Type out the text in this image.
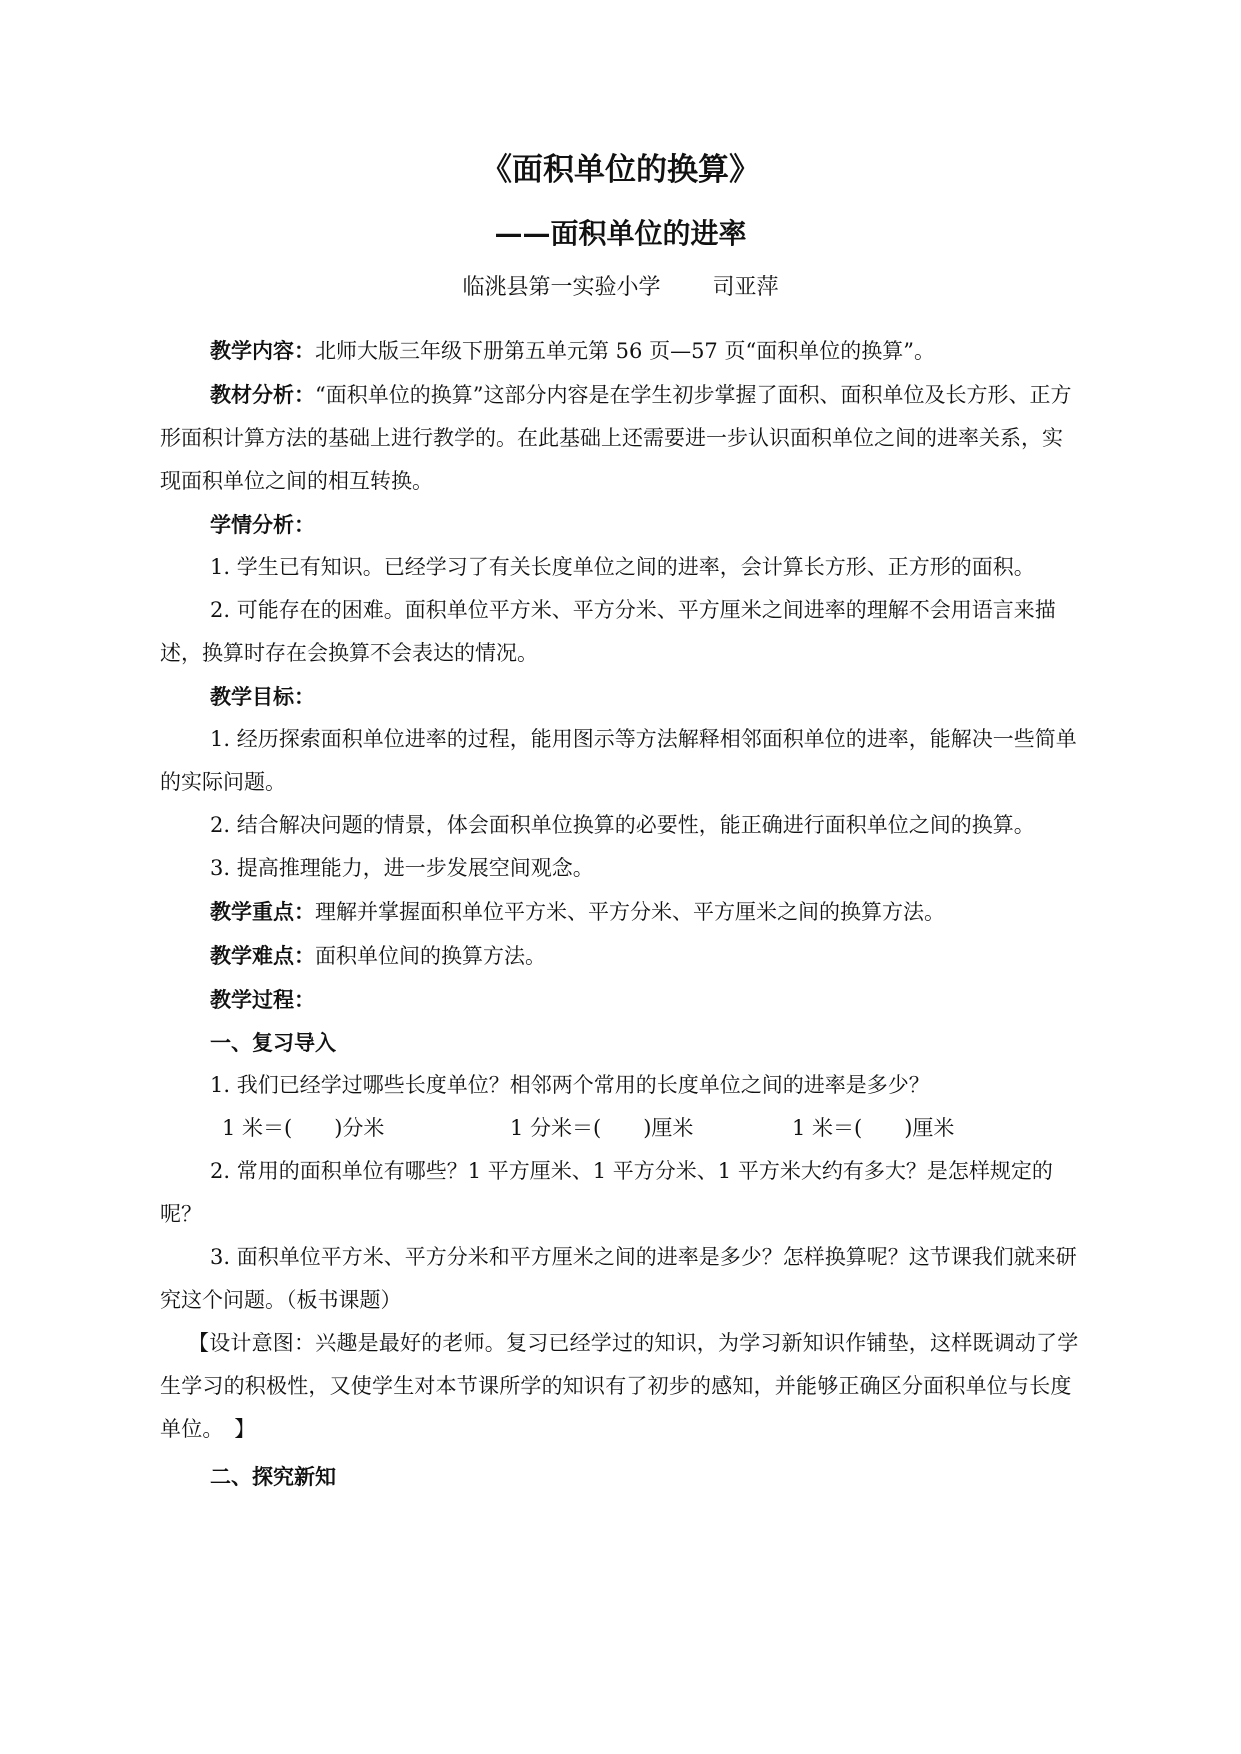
《面积单位的换算》
——面积单位的进率
临洮县第一实验小学 司亚萍

教学内容：北师大版三年级下册第五单元第 56 页—57 页“面积单位的换算”。

教材分析：“面积单位的换算”这部分内容是在学生初步掌握了面积、面积单位及长方形、正方形面积计算方法的基础上进行教学的。在此基础上还需要进一步认识面积单位之间的进率关系，实现面积单位之间的相互转换。

学情分析：

1. 学生已有知识。已经学习了有关长度单位之间的进率，会计算长方形、正方形的面积。

2. 可能存在的困难。面积单位平方米、平方分米、平方厘米之间进率的理解不会用语言来描述，换算时存在会换算不会表达的情况。

教学目标：

1. 经历探索面积单位进率的过程，能用图示等方法解释相邻面积单位的进率，能解决一些简单的实际问题。

2. 结合解决问题的情景，体会面积单位换算的必要性，能正确进行面积单位之间的换算。

3. 提高推理能力，进一步发展空间观念。

教学重点：理解并掌握面积单位平方米、平方分米、平方厘米之间的换算方法。

教学难点：面积单位间的换算方法。

教学过程：

一、复习导入

1. 我们已经学过哪些长度单位？相邻两个常用的长度单位之间的进率是多少？

1 米＝(　　)分米	1 分米＝(　　)厘米	1 米＝(　　)厘米

2. 常用的面积单位有哪些？1 平方厘米、1 平方分米、1 平方米大约有多大？是怎样规定的呢？

3. 面积单位平方米、平方分米和平方厘米之间的进率是多少？怎样换算呢？这节课我们就来研究这个问题。（板书课题）

【设计意图：兴趣是最好的老师。复习已经学过的知识，为学习新知识作铺垫，这样既调动了学生学习的积极性，又使学生对本节课所学的知识有了初步的感知，并能够正确区分面积单位与长度单位。　】

二、探究新知
